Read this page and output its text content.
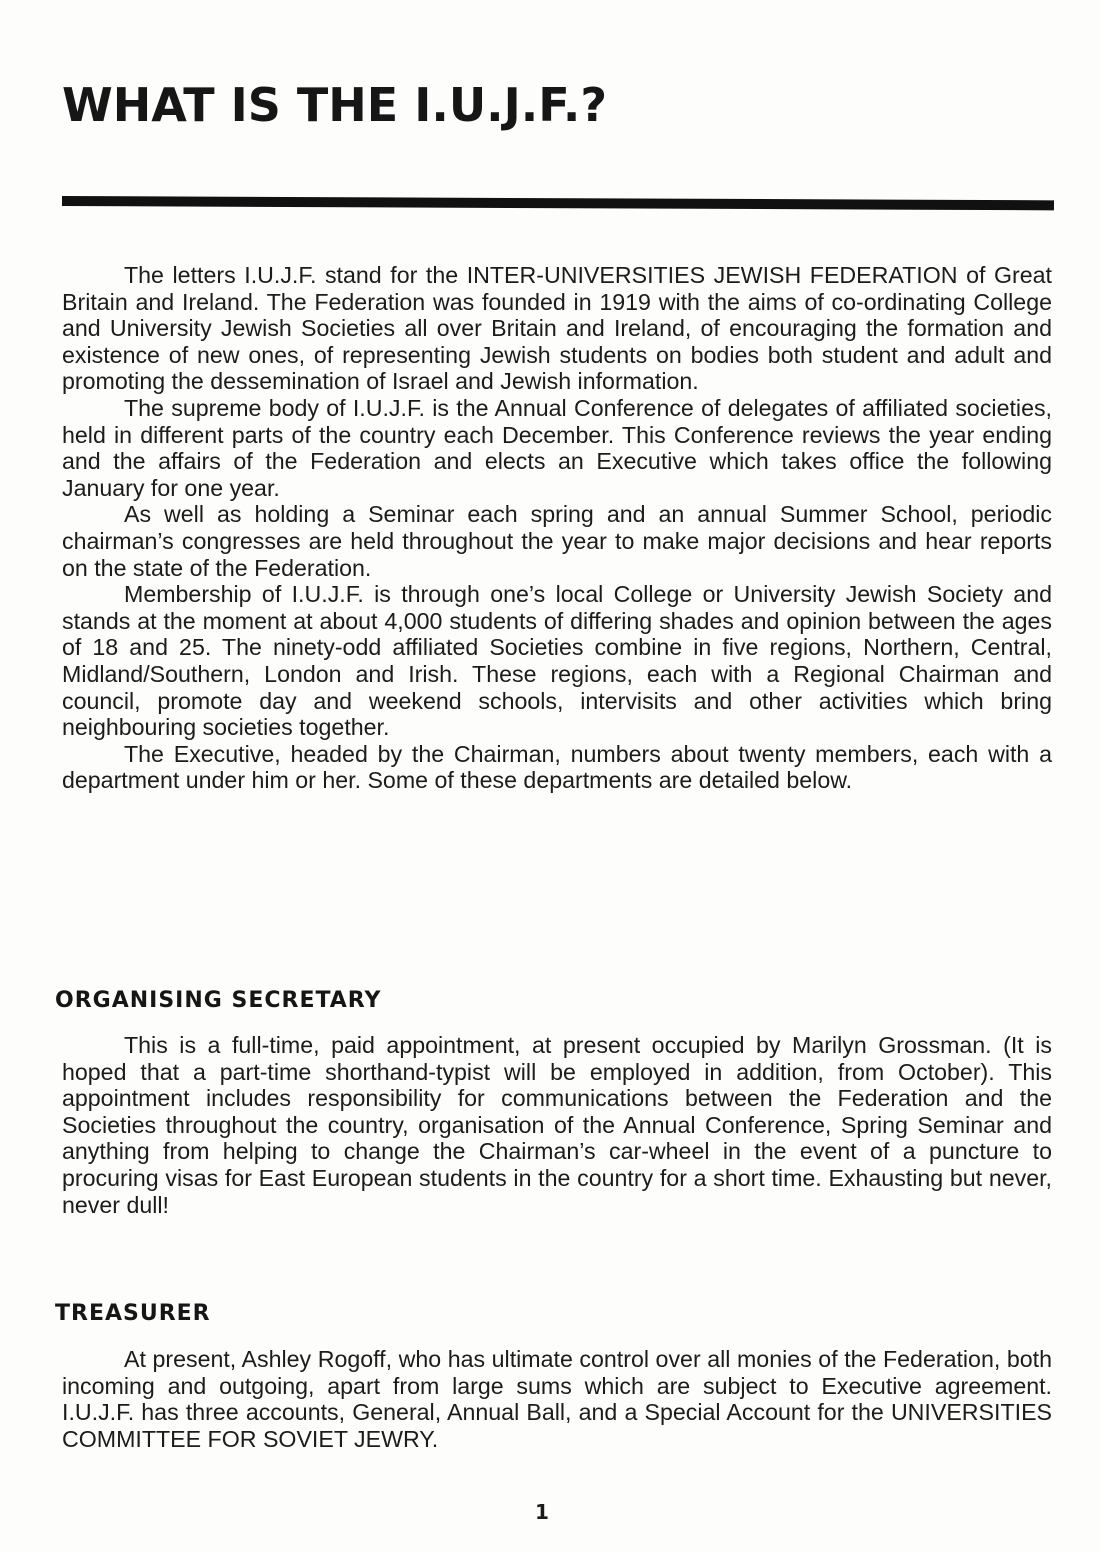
WHAT IS THE I.U.J.F.?

The letters I.U.J.F. stand for the INTER-UNIVERSITIES JEWISH FEDERATION of Great Britain and Ireland. The Federation was founded in 1919 with the aims of co-ordinating College and University Jewish Societies all over Britain and Ireland, of encouraging the formation and existence of new ones, of representing Jewish students on bodies both student and adult and promoting the dessemination of Israel and Jewish information.

The supreme body of I.U.J.F. is the Annual Conference of delegates of affiliated societies, held in different parts of the country each December. This Conference reviews the year ending and the affairs of the Federation and elects an Executive which takes office the following January for one year.

As well as holding a Seminar each spring and an annual Summer School, periodic chairman’s congresses are held throughout the year to make major decisions and hear reports on the state of the Federation.

Membership of I.U.J.F. is through one’s local College or University Jewish Society and stands at the moment at about 4,000 students of differing shades and opinion between the ages of 18 and 25. The ninety-odd affiliated Societies combine in five regions, Northern, Central, Midland/Southern, London and Irish. These regions, each with a Regional Chairman and council, promote day and weekend schools, intervisits and other activities which bring neighbouring societies together.

The Executive, headed by the Chairman, numbers about twenty members, each with a department under him or her. Some of these departments are detailed below.

ORGANISING SECRETARY

This is a full-time, paid appointment, at present occupied by Marilyn Grossman. (It is hoped that a part-time shorthand-typist will be employed in addition, from October). This appointment includes responsibility for communications between the Federation and the Societies throughout the country, organisation of the Annual Conference, Spring Seminar and anything from helping to change the Chairman’s car-wheel in the event of a puncture to procuring visas for East European students in the country for a short time. Exhausting but never, never dull!

TREASURER

At present, Ashley Rogoff, who has ultimate control over all monies of the Federation, both incoming and outgoing, apart from large sums which are subject to Executive agreement. I.U.J.F. has three accounts, General, Annual Ball, and a Special Account for the UNIVERSITIES COMMITTEE FOR SOVIET JEWRY.

1
